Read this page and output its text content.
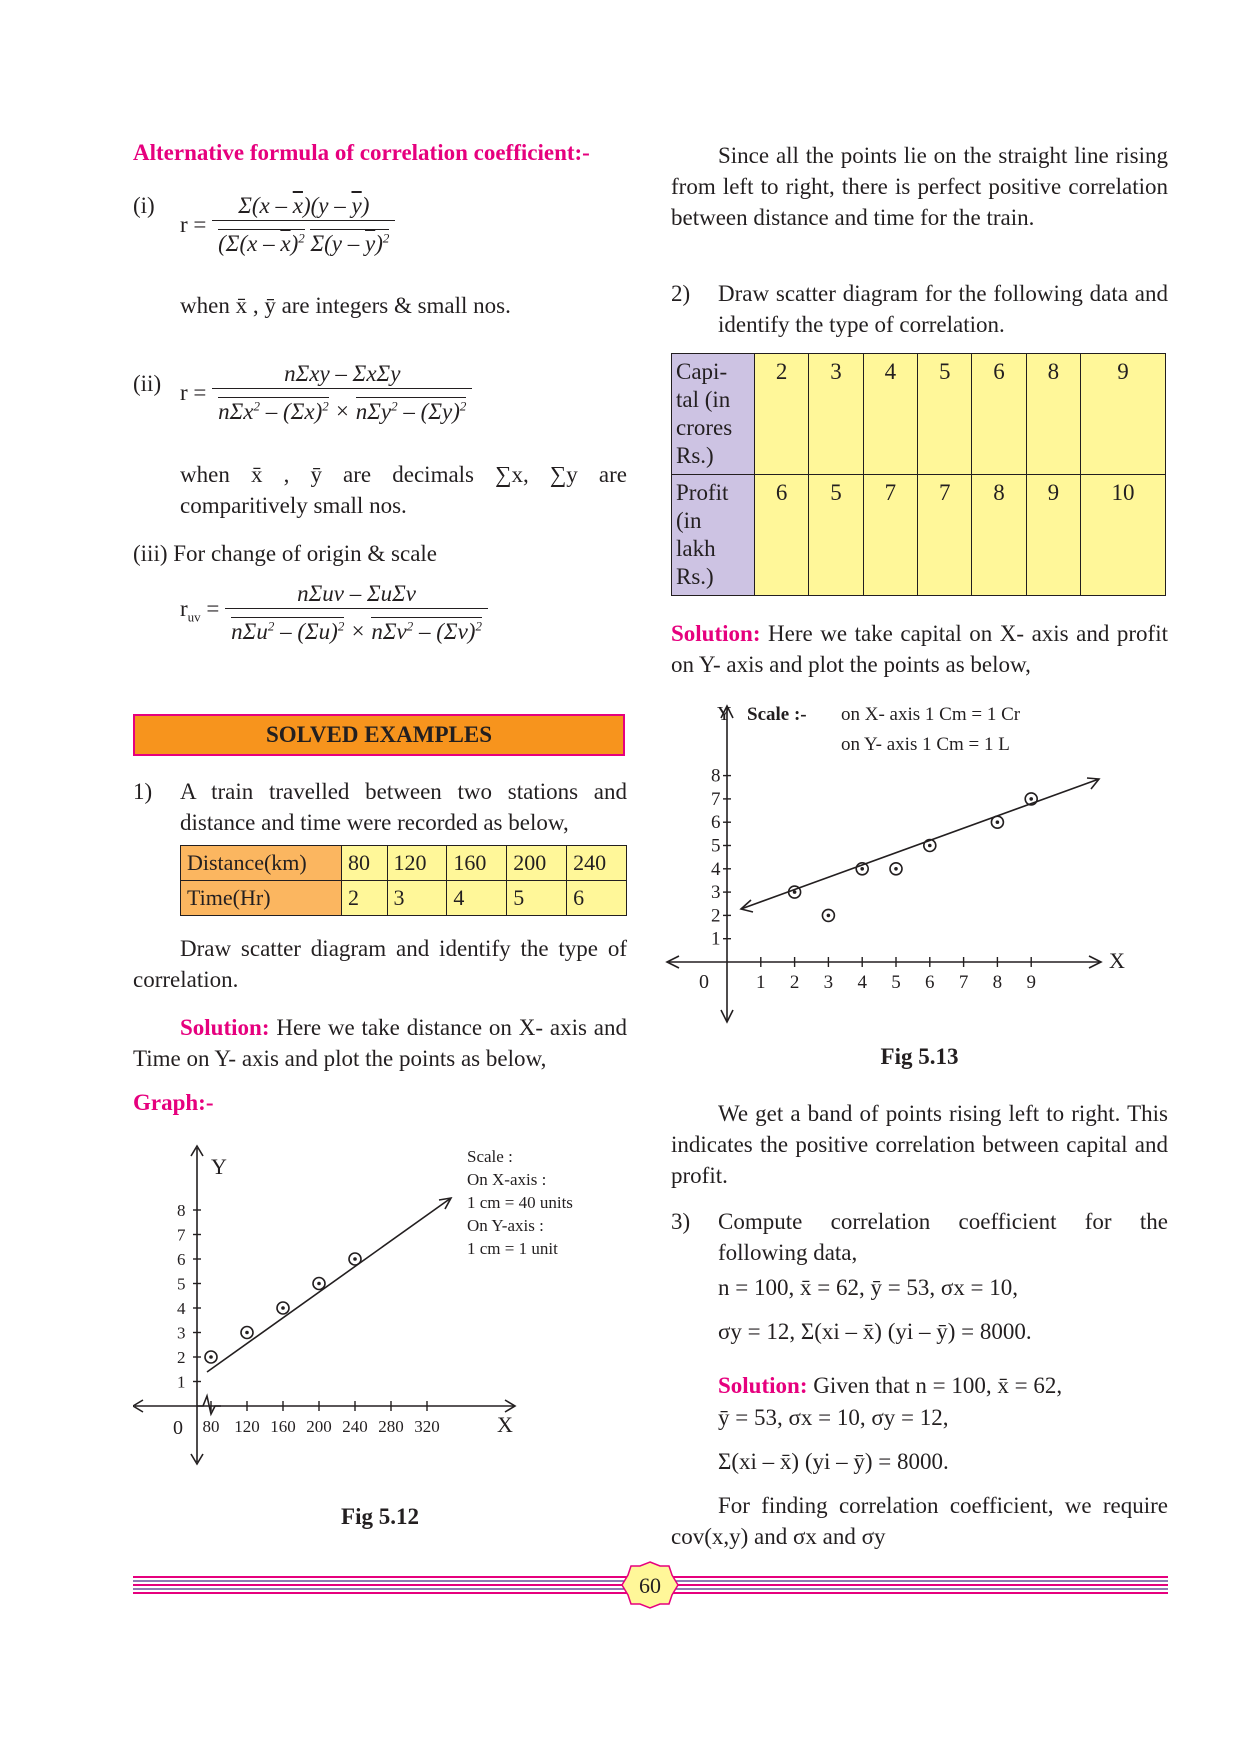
Alternative formula of correlation coefficient:-
(i)
$r = \frac{\Sigma(x - \overline{x})(y - \overline{y})}{(\Sigma(x - \overline{x})^2 \Sigma(y - \overline{y})^2}$
when x̄ , ȳ are integers & small nos.
(ii) $r = \frac{\text{nΣxy – ΣxΣy}}{n\Sigma x^2 - (\Sigma x)^2 \times n\Sigma y^2 - (\Sigma y)^2}$
when x̄ , ȳ are decimals ∑x, ∑y are comparitively small nos.
(iii) For change of origin & scale
$r_{uv} = \frac{\text{nΣuv – ΣuΣv}}{n\Sigma u^2 - (\Sigma u)^2 \times n\Sigma v^2 - (\Sigma v)^2}$
SOLVED EXAMPLES
1) A train travelled between two stations and distance and time were recorded as below,
Distance(km)	80	120	160	200	240
Time(Hr)	2	3	4	5	6
Draw scatter diagram and identify the type of correlation.
Solution: Here we take distance on X- axis and Time on Y- axis and plot the points as below,
Graph:-
1
2
3
4
5
6
7
8
80 120 160 200 240 280 320
Y
X
0
Scale :
On X-axis :
1 cm = 40 units
On Y-axis :
1 cm = 1 unit
Fig 5.12
Since all the points lie on the straight line rising from left to right, there is perfect positive correlation between distance and time for the train.
2) Draw scatter diagram for the following data and identify the type of correlation.
Capi-
tal (in
crores
Rs.)	2	3	4	5	6	8	9
Profit
(in
lakh
Rs.)	6	5	7	7	8	9	10
Solution: Here we take capital on X- axis and profit on Y- axis and plot the points as below,
1
2
3
4
5
6
7
8
1 2 3 4 5 6 7 8 9
Y
X
0
Scale :- on X- axis 1 Cm = 1 Cr
on Y- axis 1 Cm = 1 L
Fig 5.13
We get a band of points rising left to right. This indicates the positive correlation between capital and profit.
3) Compute correlation coefficient for the following data,
n = 100, x̄ = 62, ȳ = 53, σx = 10,
σy = 12, Σ(xi – x̄) (yi – ȳ) = 8000.
Solution: Given that n = 100, x̄ = 62,
ȳ = 53, σx = 10, σy = 12,
Σ(xi – x̄) (yi – ȳ) = 8000.
For finding correlation coefficient, we require cov(x,y) and σx and σy
60
